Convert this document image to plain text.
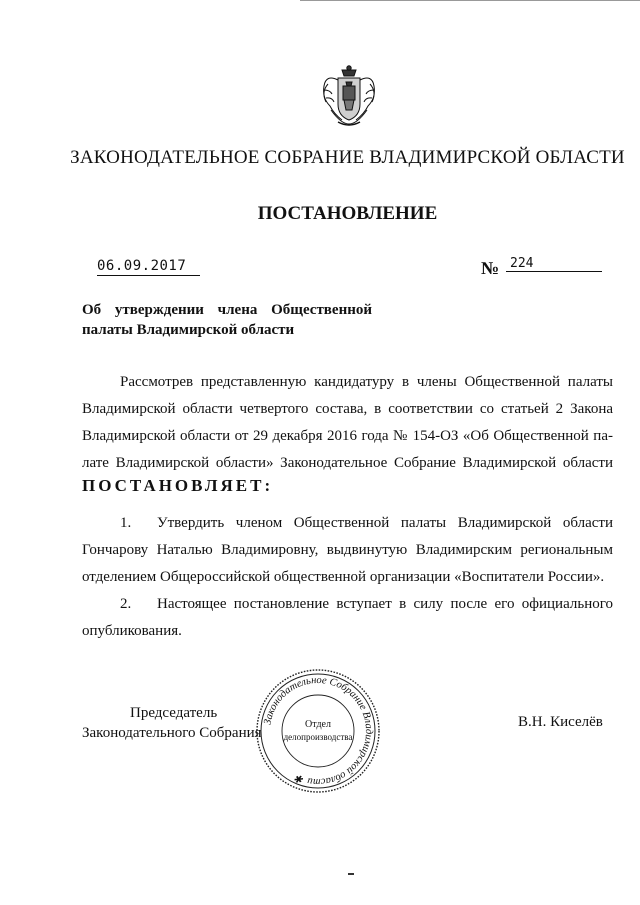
ЗАКОНОДАТЕЛЬНОЕ СОБРАНИЕ ВЛАДИМИРСКОЙ ОБЛАСТИ
ПОСТАНОВЛЕНИЕ
06.09.2017	№ 224
Об утверждении члена Общественной
палаты Владимирской области
Рассмотрев представленную кандидатуру в члены Общественной палаты
Владимирской области четвертого состава, в соответствии со статьей 2 Закона
Владимирской области от 29 декабря 2016 года № 154-ОЗ «Об Общественной па-
лате Владимирской области» Законодательное Собрание Владимирской области
ПОСТАНОВЛЯЕТ:
1. Утвердить членом Общественной палаты Владимирской области
Гончарову Наталью Владимировну, выдвинутую Владимирским региональным
отделением Общероссийской общественной организации «Воспитатели России».
2. Настоящее постановление вступает в силу после его официального
опубликования.
Председатель
Законодательного Собрания
В.Н. Киселёв
Законодательное Собрание Владимирской области ✱
Отдел
делопроизводства
